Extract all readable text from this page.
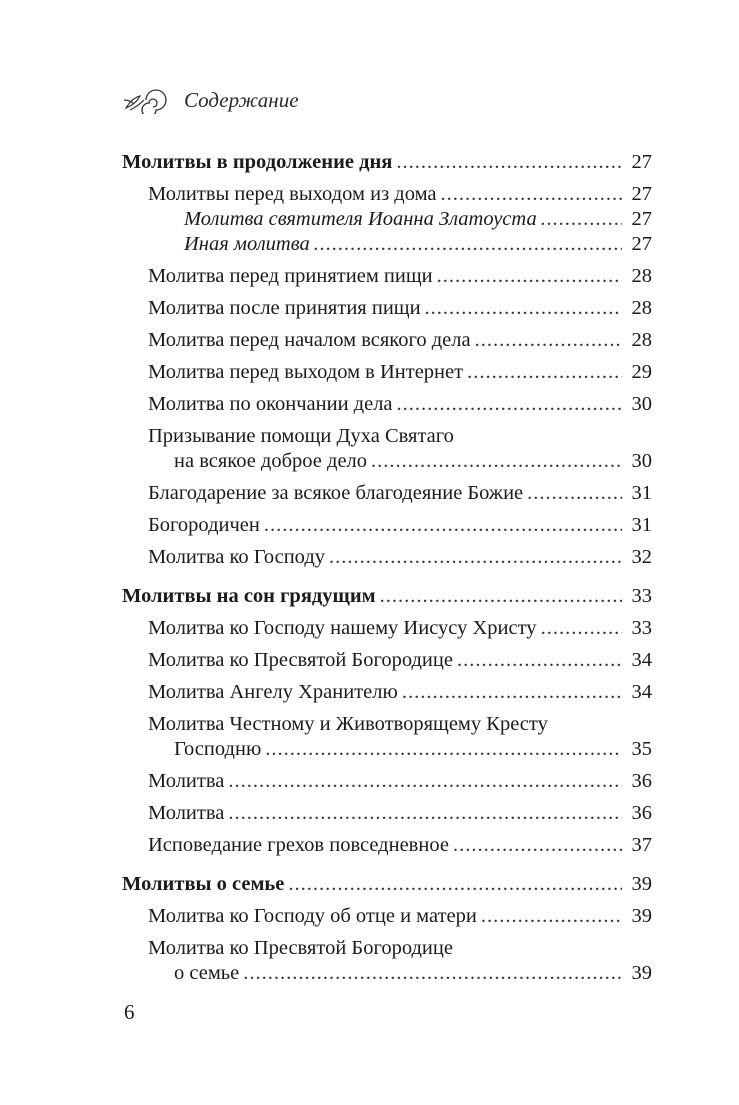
Содержание
Молитвы в продолжение дня .....	27
Молитвы перед выходом из дома .....	27
Молитва святителя Иоанна Златоуста .....	27
Иная молитва .....	27
Молитва перед принятием пищи .....	28
Молитва после принятия пищи .....	28
Молитва перед началом всякого дела .....	28
Молитва перед выходом в Интернет .....	29
Молитва по окончании дела .....	30
Призывание помощи Духа Святаго
на всякое доброе дело .....	30
Благодарение за всякое благодеяние Божие .....	31
Богородичен .....	31
Молитва ко Господу .....	32
Молитвы на сон грядущим .....	33
Молитва ко Господу нашему Иисусу Христу .....	33
Молитва ко Пресвятой Богородице .....	34
Молитва Ангелу Хранителю .....	34
Молитва Честному и Животворящему Кресту
Господню .....	35
Молитва .....	36
Молитва .....	36
Исповедание грехов повседневное .....	37
Молитвы о семье .....	39
Молитва ко Господу об отце и матери .....	39
Молитва ко Пресвятой Богородице
о семье .....	39
6
